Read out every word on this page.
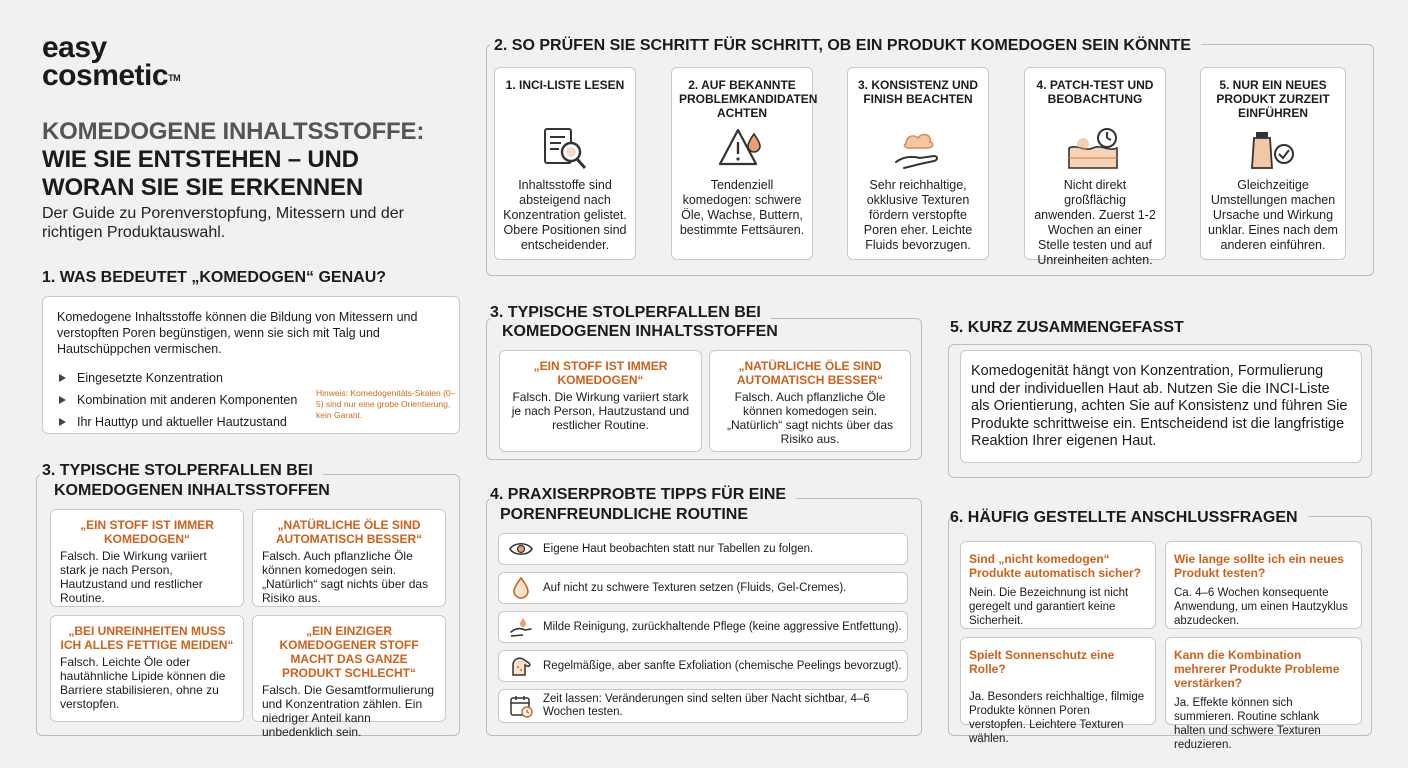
easy
cosmetic™
KOMEDOGENE INHALTSSTOFFE:
WIE SIE ENTSTEHEN – UND
WORAN SIE SIE ERKENNEN
Der Guide zu Porenverstopfung, Mitessern und der richtigen Produktauswahl.
1. WAS BEDEUTET „KOMEDOGEN“ GENAU?

Komedogene Inhaltsstoffe können die Bildung von Mitessern und verstopften Poren begünstigen, wenn sie sich mit Talg und Hautschüppchen vermischen.

Eingesetzte Konzentration
Kombination mit anderen Komponenten
Ihr Hauttyp und aktueller Hautzustand
Hinweis: Komedogenitäts-Skalen (0–5) sind nur eine grobe Orientierung, kein Garant.
3. TYPISCHE STOLPERFALLEN BEI
KOMEDOGENEN INHALTSSTOFFEN
„EIN STOFF IST IMMER KOMEDOGEN“
Falsch. Die Wirkung variiert stark je nach Person, Hautzustand und restlicher Routine.
„NATÜRLICHE ÖLE SIND AUTOMATISCH BESSER“
Falsch. Auch pflanzliche Öle können komedogen sein. „Natürlich“ sagt nichts über das Risiko aus.
„BEI UNREINHEITEN MUSS ICH ALLES FETTIGE MEIDEN“
Falsch. Leichte Öle oder hautähnliche Lipide können die Barriere stabilisieren, ohne zu verstopfen.
„EIN EINZIGER KOMEDOGENER STOFF MACHT DAS GANZE PRODUKT SCHLECHT“
Falsch. Die Gesamtformulierung und Konzentration zählen. Ein niedriger Anteil kann unbedenklich sein.
2. SO PRÜFEN SIE SCHRITT FÜR SCHRITT, OB EIN PRODUKT KOMEDOGEN SEIN KÖNNTE
1. INCI-LISTE LESEN
Inhaltsstoffe sind absteigend nach Konzentration gelistet. Obere Positionen sind entscheidender.
2. AUF BEKANNTE PROBLEMKANDIDATEN ACHTEN
Tendenziell komedogen: schwere Öle, Wachse, Buttern, bestimmte Fettsäuren.
3. KONSISTENZ UND FINISH BEACHTEN
Sehr reichhaltige, okklusive Texturen fördern verstopfte Poren eher. Leichte Fluids bevorzugen.
4. PATCH-TEST UND BEOBACHTUNG
Nicht direkt großflächig anwenden. Zuerst 1-2 Wochen an einer Stelle testen und auf Unreinheiten achten.
5. NUR EIN NEUES PRODUKT ZURZEIT EINFÜHREN
Gleichzeitige Umstellungen machen Ursache und Wirkung unklar. Eines nach dem anderen einführen.
3. TYPISCHE STOLPERFALLEN BEI
KOMEDOGENEN INHALTSSTOFFEN
„EIN STOFF IST IMMER KOMEDOGEN“
Falsch. Die Wirkung variiert stark je nach Person, Hautzustand und restlicher Routine.
„NATÜRLICHE ÖLE SIND AUTOMATISCH BESSER“
Falsch. Auch pflanzliche Öle können komedogen sein. „Natürlich“ sagt nichts über das Risiko aus.
4. PRAXISERPROBTE TIPPS FÜR EINE
PORENFREUNDLICHE ROUTINE
Eigene Haut beobachten statt nur Tabellen zu folgen.
Auf nicht zu schwere Texturen setzen (Fluids, Gel-Cremes).
Milde Reinigung, zurückhaltende Pflege (keine aggressive Entfettung).
Regelmäßige, aber sanfte Exfoliation (chemische Peelings bevorzugt).
Zeit lassen: Veränderungen sind selten über Nacht sichtbar, 4–6 Wochen testen.
5. KURZ ZUSAMMENGEFASST
Komedogenität hängt von Konzentration, Formulierung und der individuellen Haut ab. Nutzen Sie die INCI-Liste als Orientierung, achten Sie auf Konsistenz und führen Sie Produkte schrittweise ein. Entscheidend ist die langfristige Reaktion Ihrer eigenen Haut.
6. HÄUFIG GESTELLTE ANSCHLUSSFRAGEN
Sind „nicht komedogen“ Produkte automatisch sicher?
Nein. Die Bezeichnung ist nicht geregelt und garantiert keine Sicherheit.
Wie lange sollte ich ein neues Produkt testen?
Ca. 4–6 Wochen konsequente Anwendung, um einen Hautzyklus abzudecken.
Spielt Sonnenschutz eine Rolle?
Ja. Besonders reichhaltige, filmige Produkte können Poren verstopfen. Leichtere Texturen wählen.
Kann die Kombination mehrerer Produkte Probleme verstärken?
Ja. Effekte können sich summieren. Routine schlank halten und schwere Texturen reduzieren.
